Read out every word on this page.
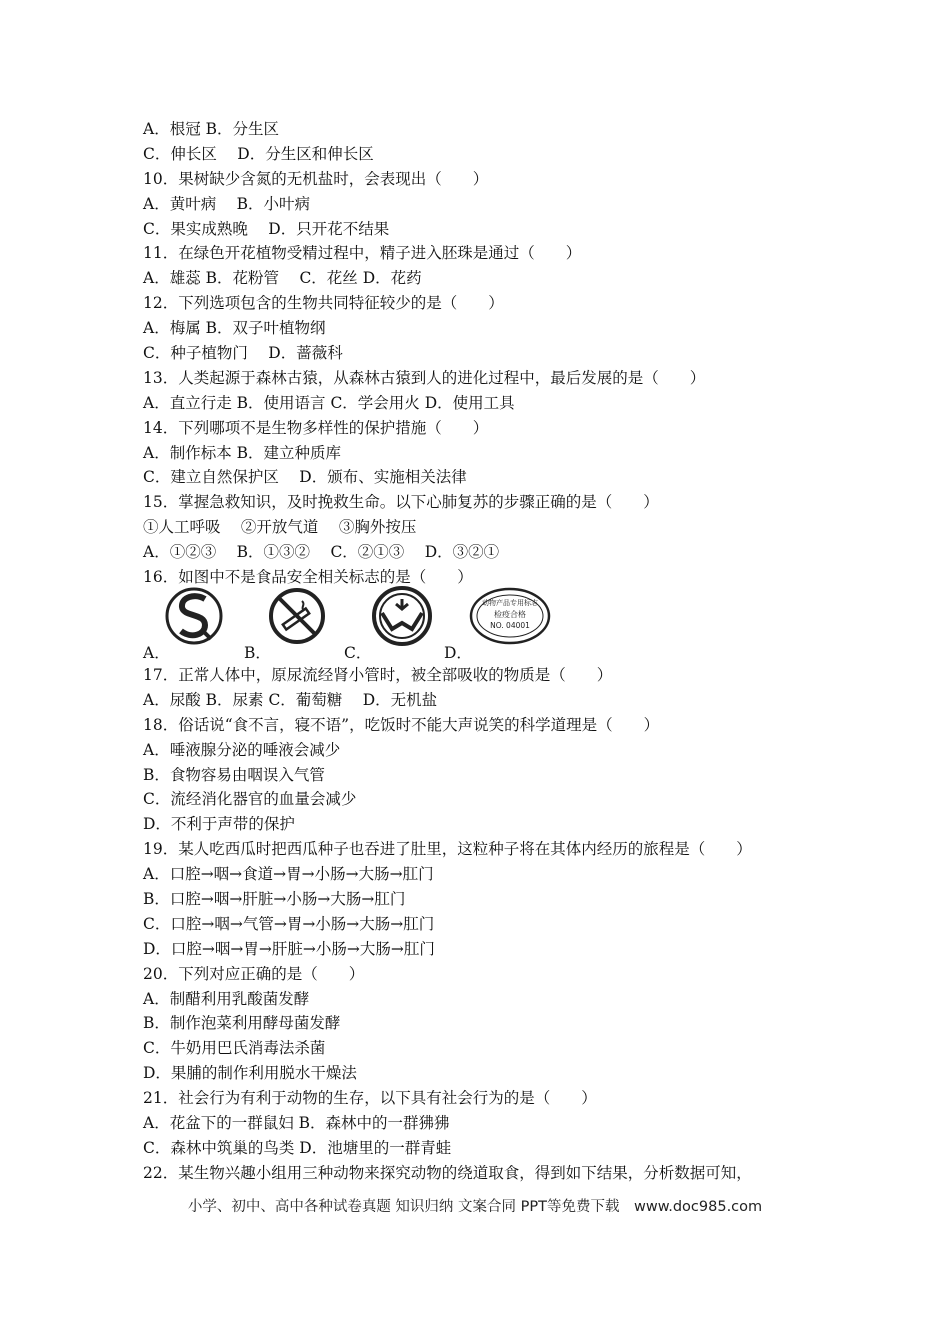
A．根冠 B．分生区
C．伸长区　 D．分生区和伸长区
10．果树缺少含氮的无机盐时，会表现出（　　）
A．黄叶病　 B．小叶病
C．果实成熟晚　 D．只开花不结果
11．在绿色开花植物受精过程中，精子进入胚珠是通过（　　）
A．雄蕊 B．花粉管　 C．花丝 D．花药
12．下列选项包含的生物共同特征较少的是（　　）
A．梅属 B．双子叶植物纲
C．种子植物门　 D．蔷薇科
13．人类起源于森林古猿，从森林古猿到人的进化过程中，最后发展的是（　　）
A．直立行走 B．使用语言 C．学会用火 D．使用工具
14．下列哪项不是生物多样性的保护措施（　　）
A．制作标本 B．建立种质库
C．建立自然保护区　 D．颁布、实施相关法律
15．掌握急救知识，及时挽救生命。以下心肺复苏的步骤正确的是（　　）
①人工呼吸　 ②开放气道　 ③胸外按压
A．①②③　 B．①③②　 C．②①③　 D．③②①
16．如图中不是食品安全相关标志的是（　　）
动物产品专用标志
检疫合格
NO. 04001
A．	B．	C．	D．
17．正常人体中，原尿流经肾小管时，被全部吸收的物质是（　　）
A．尿酸 B．尿素 C．葡萄糖　 D．无机盐
18．俗话说“食不言，寝不语”，吃饭时不能大声说笑的科学道理是（　　）
A．唾液腺分泌的唾液会减少
B．食物容易由咽误入气管
C．流经消化器官的血量会减少
D．不利于声带的保护
19．某人吃西瓜时把西瓜种子也吞进了肚里，这粒种子将在其体内经历的旅程是（　　）
A．口腔→咽→食道→胃→小肠→大肠→肛门
B．口腔→咽→肝脏→小肠→大肠→肛门
C．口腔→咽→气管→胃→小肠→大肠→肛门
D．口腔→咽→胃→肝脏→小肠→大肠→肛门
20．下列对应正确的是（　　）
A．制醋利用乳酸菌发酵
B．制作泡菜利用酵母菌发酵
C．牛奶用巴氏消毒法杀菌
D．果脯的制作利用脱水干燥法
21．社会行为有利于动物的生存，以下具有社会行为的是（　　）
A．花盆下的一群鼠妇 B．森林中的一群狒狒
C．森林中筑巢的鸟类 D．池塘里的一群青蛙
22．某生物兴趣小组用三种动物来探究动物的绕道取食，得到如下结果，分析数据可知，
小学、初中、高中各种试卷真题 知识归纳 文案合同 PPT等免费下载　www.doc985.com
